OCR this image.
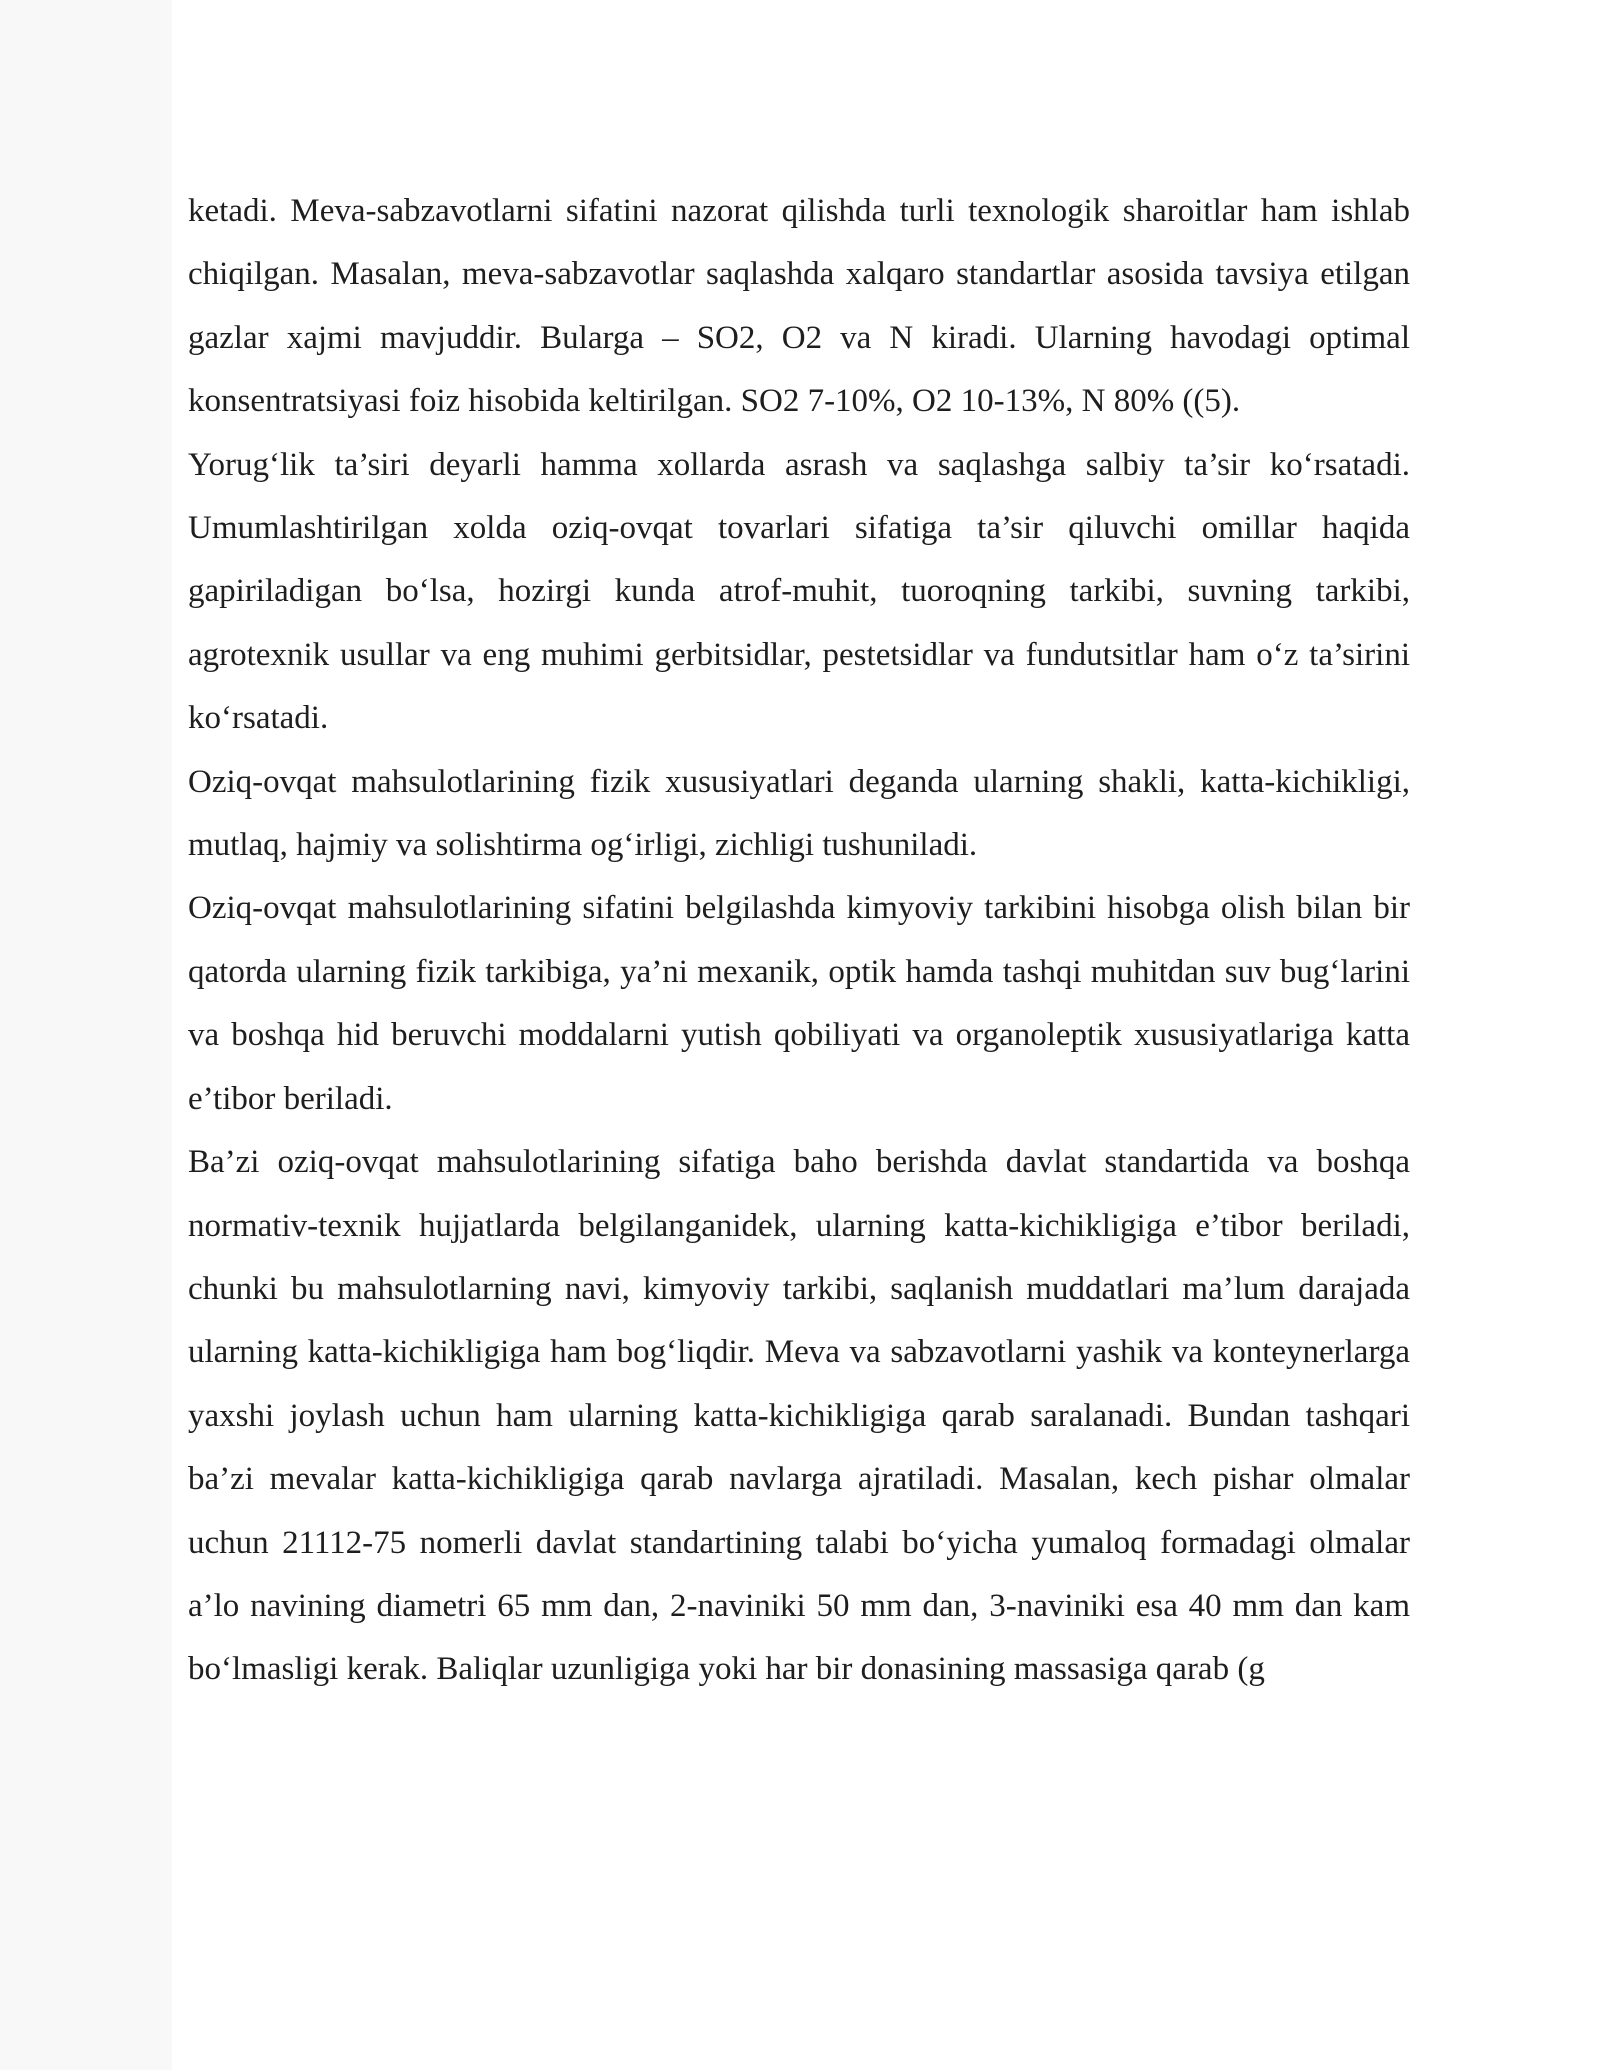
ketadi. Meva-sabzavotlarni sifatini nazorat qilishda turli texnologik sharoitlar ham ishlab chiqilgan. Masalan, meva-sabzavotlar saqlashda xalqaro standartlar asosida tavsiya etilgan gazlar xajmi mavjuddir. Bularga – SO2, O2 va N kiradi. Ularning havodagi optimal konsentratsiyasi foiz hisobida keltirilgan. SO2 7-10%, O2 10-13%, N 80% ((5).

Yorug‘lik ta’siri deyarli hamma xollarda asrash va saqlashga salbiy ta’sir ko‘rsatadi. Umumlashtirilgan xolda oziq-ovqat tovarlari sifatiga ta’sir qiluvchi omillar haqida gapiriladigan bo‘lsa, hozirgi kunda atrof-muhit, tuoroqning tarkibi, suvning tarkibi, agrotexnik usullar va eng muhimi gerbitsidlar, pestetsidlar va fundutsitlar ham o‘z ta’sirini ko‘rsatadi.

Oziq-ovqat mahsulotlarining fizik xususiyatlari deganda ularning shakli, katta-kichikligi, mutlaq, hajmiy va solishtirma og‘irligi, zichligi tushuniladi.

Oziq-ovqat mahsulotlarining sifatini belgilashda kimyoviy tarkibini hisobga olish bilan bir qatorda ularning fizik tarkibiga, ya’ni mexanik, optik hamda tashqi muhitdan suv bug‘larini va boshqa hid beruvchi moddalarni yutish qobiliyati va organoleptik xususiyatlariga katta e’tibor beriladi.

Ba’zi oziq-ovqat mahsulotlarining sifatiga baho berishda davlat standartida va boshqa normativ-texnik hujjatlarda belgilanganidek, ularning katta-kichikligiga e’tibor beriladi, chunki bu mahsulotlarning navi, kimyoviy tarkibi, saqlanish muddatlari ma’lum darajada ularning katta-kichikligiga ham bog‘liqdir. Meva va sabzavotlarni yashik va konteynerlarga yaxshi joylash uchun ham ularning katta-kichikligiga qarab saralanadi. Bundan tashqari ba’zi mevalar katta-kichikligiga qarab navlarga ajratiladi. Masalan, kech pishar olmalar uchun 21112-75 nomerli davlat standartining talabi bo‘yicha yumaloq formadagi olmalar a’lo navining diametri 65 mm dan, 2-naviniki 50 mm dan, 3-naviniki esa 40 mm dan kam bo‘lmasligi kerak. Baliqlar uzunligiga yoki har bir donasining massasiga qarab (g
